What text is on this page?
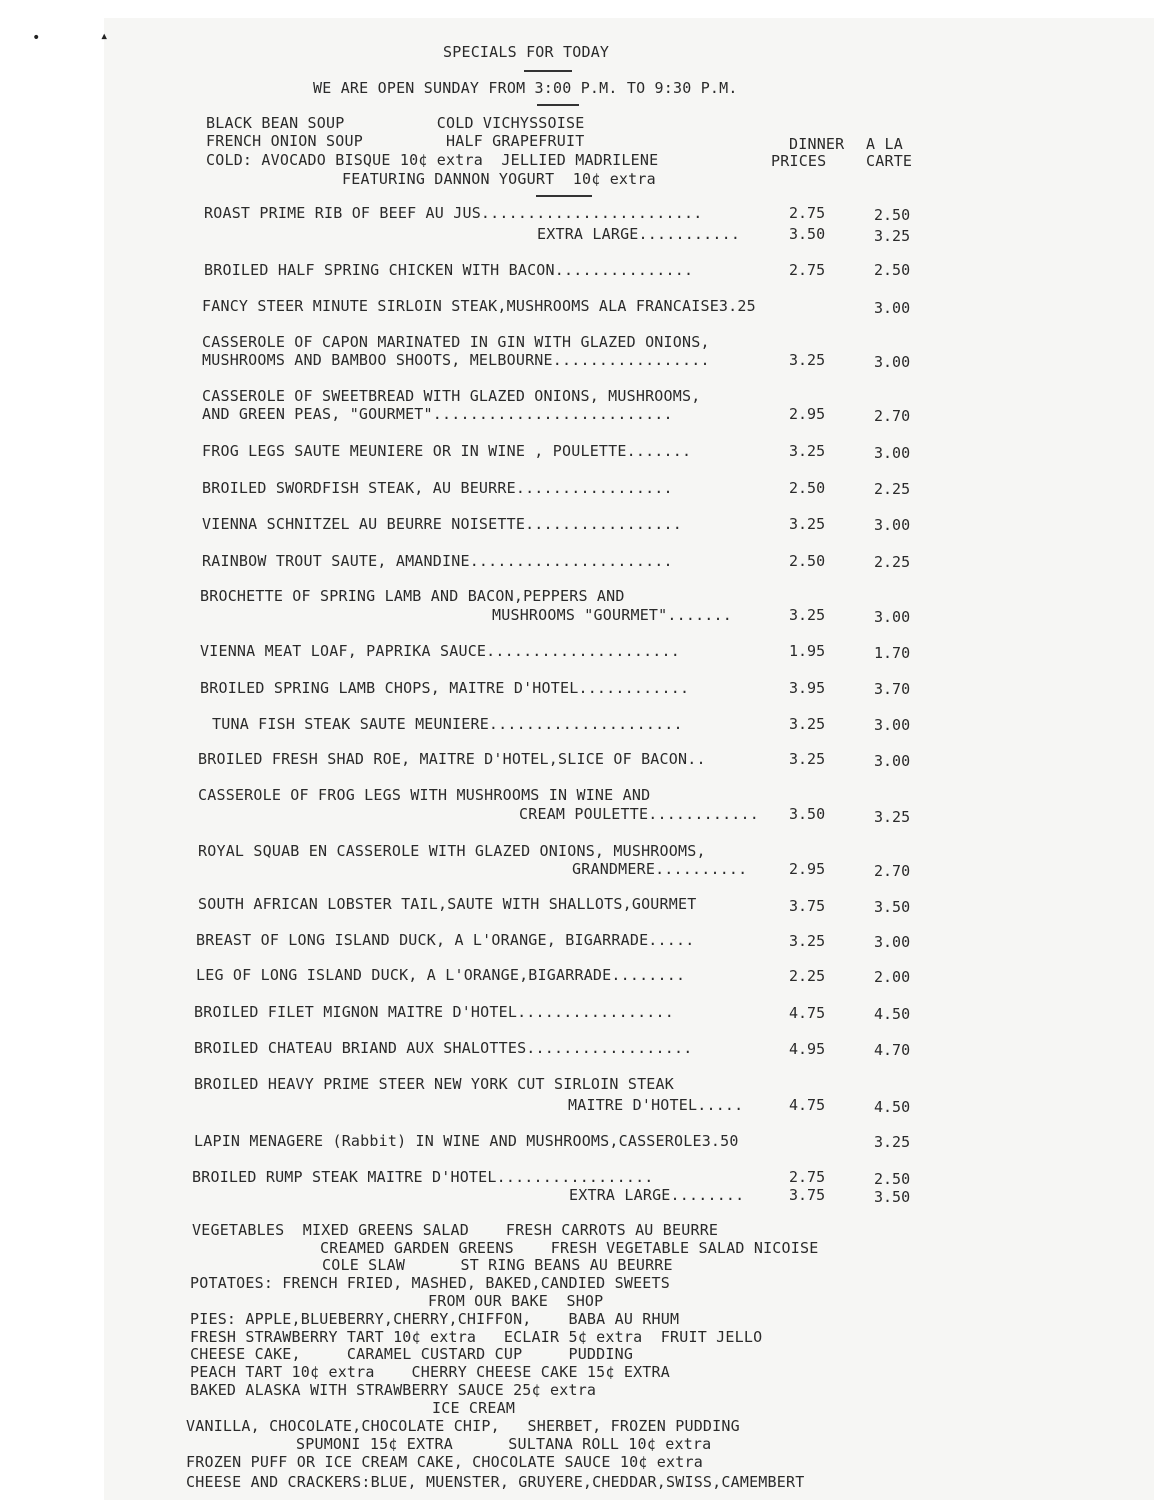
•	▴
SPECIALS FOR TODAY
WE ARE OPEN SUNDAY FROM 3:00 P.M. TO 9:30 P.M.
BLACK BEAN SOUP          COLD VICHYSSOISE
FRENCH ONION SOUP         HALF GRAPEFRUIT
COLD: AVOCADO BISQUE 10¢ extra  JELLIED MADRILENE
FEATURING DANNON YOGURT  10¢ extra
DINNER
PRICES
A LA
CARTE
ROAST PRIME RIB OF BEEF AU JUS........................	2.75	2.50
EXTRA LARGE...........	3.50	3.25
BROILED HALF SPRING CHICKEN WITH BACON...............	2.75	2.50
FANCY STEER MINUTE SIRLOIN STEAK,MUSHROOMS ALA FRANCAISE3.25	3.00
CASSEROLE OF CAPON MARINATED IN GIN WITH GLAZED ONIONS,
MUSHROOMS AND BAMBOO SHOOTS, MELBOURNE.................	3.25	3.00
CASSEROLE OF SWEETBREAD WITH GLAZED ONIONS, MUSHROOMS,
AND GREEN PEAS, "GOURMET"..........................	2.95	2.70
FROG LEGS SAUTE MEUNIERE OR IN WINE , POULETTE.......	3.25	3.00
BROILED SWORDFISH STEAK, AU BEURRE.................	2.50	2.25
VIENNA SCHNITZEL AU BEURRE NOISETTE.................	3.25	3.00
RAINBOW TROUT SAUTE, AMANDINE......................	2.50	2.25
BROCHETTE OF SPRING LAMB AND BACON,PEPPERS AND
MUSHROOMS "GOURMET".......	3.25	3.00
VIENNA MEAT LOAF, PAPRIKA SAUCE.....................	1.95	1.70
BROILED SPRING LAMB CHOPS, MAITRE D'HOTEL............	3.95	3.70
TUNA FISH STEAK SAUTE MEUNIERE.....................	3.25	3.00
BROILED FRESH SHAD ROE, MAITRE D'HOTEL,SLICE OF BACON..	3.25	3.00
CASSEROLE OF FROG LEGS WITH MUSHROOMS IN WINE AND
CREAM POULETTE............ 3.50	3.25
ROYAL SQUAB EN CASSEROLE WITH GLAZED ONIONS, MUSHROOMS,
GRANDMERE..........	2.95	2.70
SOUTH AFRICAN LOBSTER TAIL,SAUTE WITH SHALLOTS,GOURMET	3.75	3.50
BREAST OF LONG ISLAND DUCK, A L'ORANGE, BIGARRADE.....	3.25	3.00
LEG OF LONG ISLAND DUCK, A L'ORANGE,BIGARRADE........	2.25	2.00
BROILED FILET MIGNON MAITRE D'HOTEL.................	4.75	4.50
BROILED CHATEAU BRIAND AUX SHALOTTES..................	4.95	4.70
BROILED HEAVY PRIME STEER NEW YORK CUT SIRLOIN STEAK
MAITRE D'HOTEL.....	4.75	4.50
LAPIN MENAGERE (Rabbit) IN WINE AND MUSHROOMS,CASSEROLE3.50	3.25
BROILED RUMP STEAK MAITRE D'HOTEL.................	2.75	2.50
EXTRA LARGE........	3.75	3.50
VEGETABLES  MIXED GREENS SALAD    FRESH CARROTS AU BEURRE
CREAMED GARDEN GREENS    FRESH VEGETABLE SALAD NICOISE
COLE SLAW      ST RING BEANS AU BEURRE
POTATOES: FRENCH FRIED, MASHED, BAKED,CANDIED SWEETS
FROM OUR BAKE  SHOP
PIES: APPLE,BLUEBERRY,CHERRY,CHIFFON,    BABA AU RHUM
FRESH STRAWBERRY TART 10¢ extra   ECLAIR 5¢ extra  FRUIT JELLO
CHEESE CAKE,     CARAMEL CUSTARD CUP     PUDDING
PEACH TART 10¢ extra    CHERRY CHEESE CAKE 15¢ EXTRA
BAKED ALASKA WITH STRAWBERRY SAUCE 25¢ extra
ICE CREAM
VANILLA, CHOCOLATE,CHOCOLATE CHIP,   SHERBET, FROZEN PUDDING
SPUMONI 15¢ EXTRA      SULTANA ROLL 10¢ extra
FROZEN PUFF OR ICE CREAM CAKE, CHOCOLATE SAUCE 10¢ extra
CHEESE AND CRACKERS:BLUE, MUENSTER, GRUYERE,CHEDDAR,SWISS,CAMEMBERT
